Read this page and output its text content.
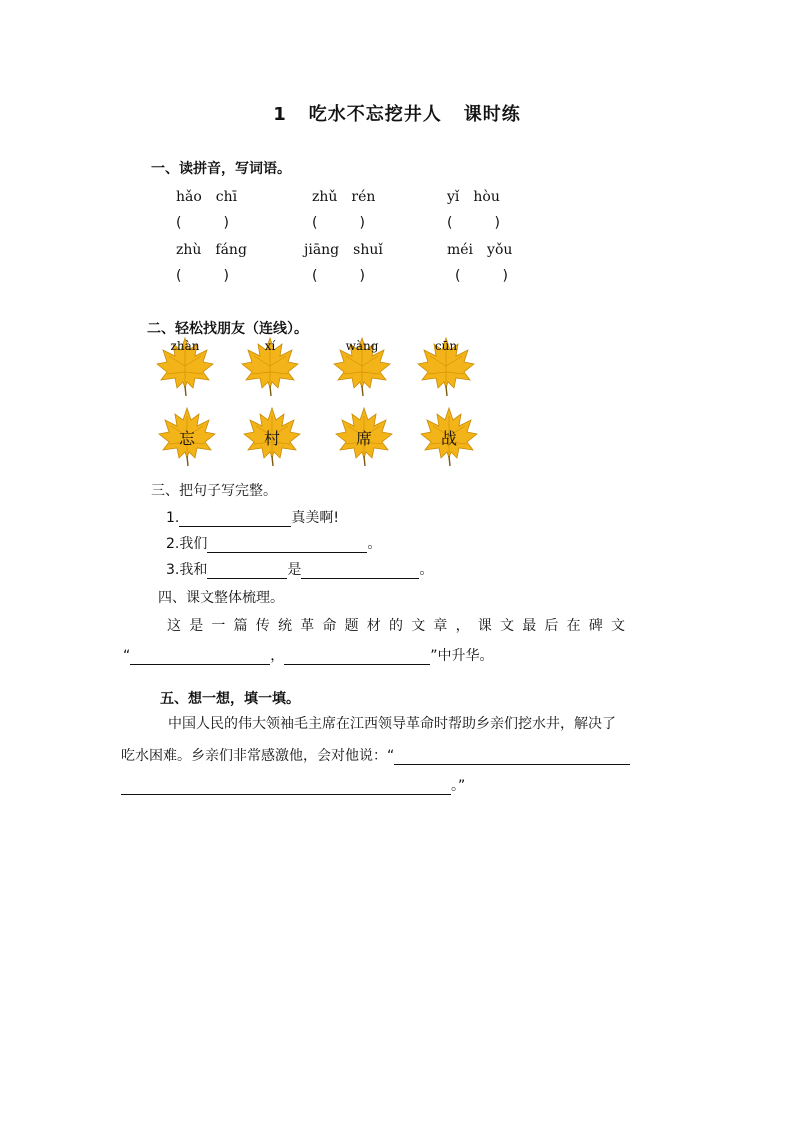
1 吃水不忘挖井人 课时练
一、读拼音，写词语。
hǎo　chī	zhǔ　rén	yǐ　hòu
(　　　)	(　　　)	(　　　)
zhù　fáng	jiāng　shuǐ	méi　yǒu
(　　　)	(　　　)	(　　　)
二、轻松找朋友（连线）。
zhàn	xí	wàng	cūn
忘	村	席	战
三、把句子写完整。
1.	真美啊!
2.我们	。
3.我和	是	。
四、课文整体梳理。
这是一篇传统革命题材的文章，课文最后在碑文
“	，	”中升华。
五、想一想，填一填。
中国人民的伟大领袖毛主席在江西领导革命时帮助乡亲们挖水井，解决了
吃水困难。乡亲们非常感激他，会对他说：“
。”
